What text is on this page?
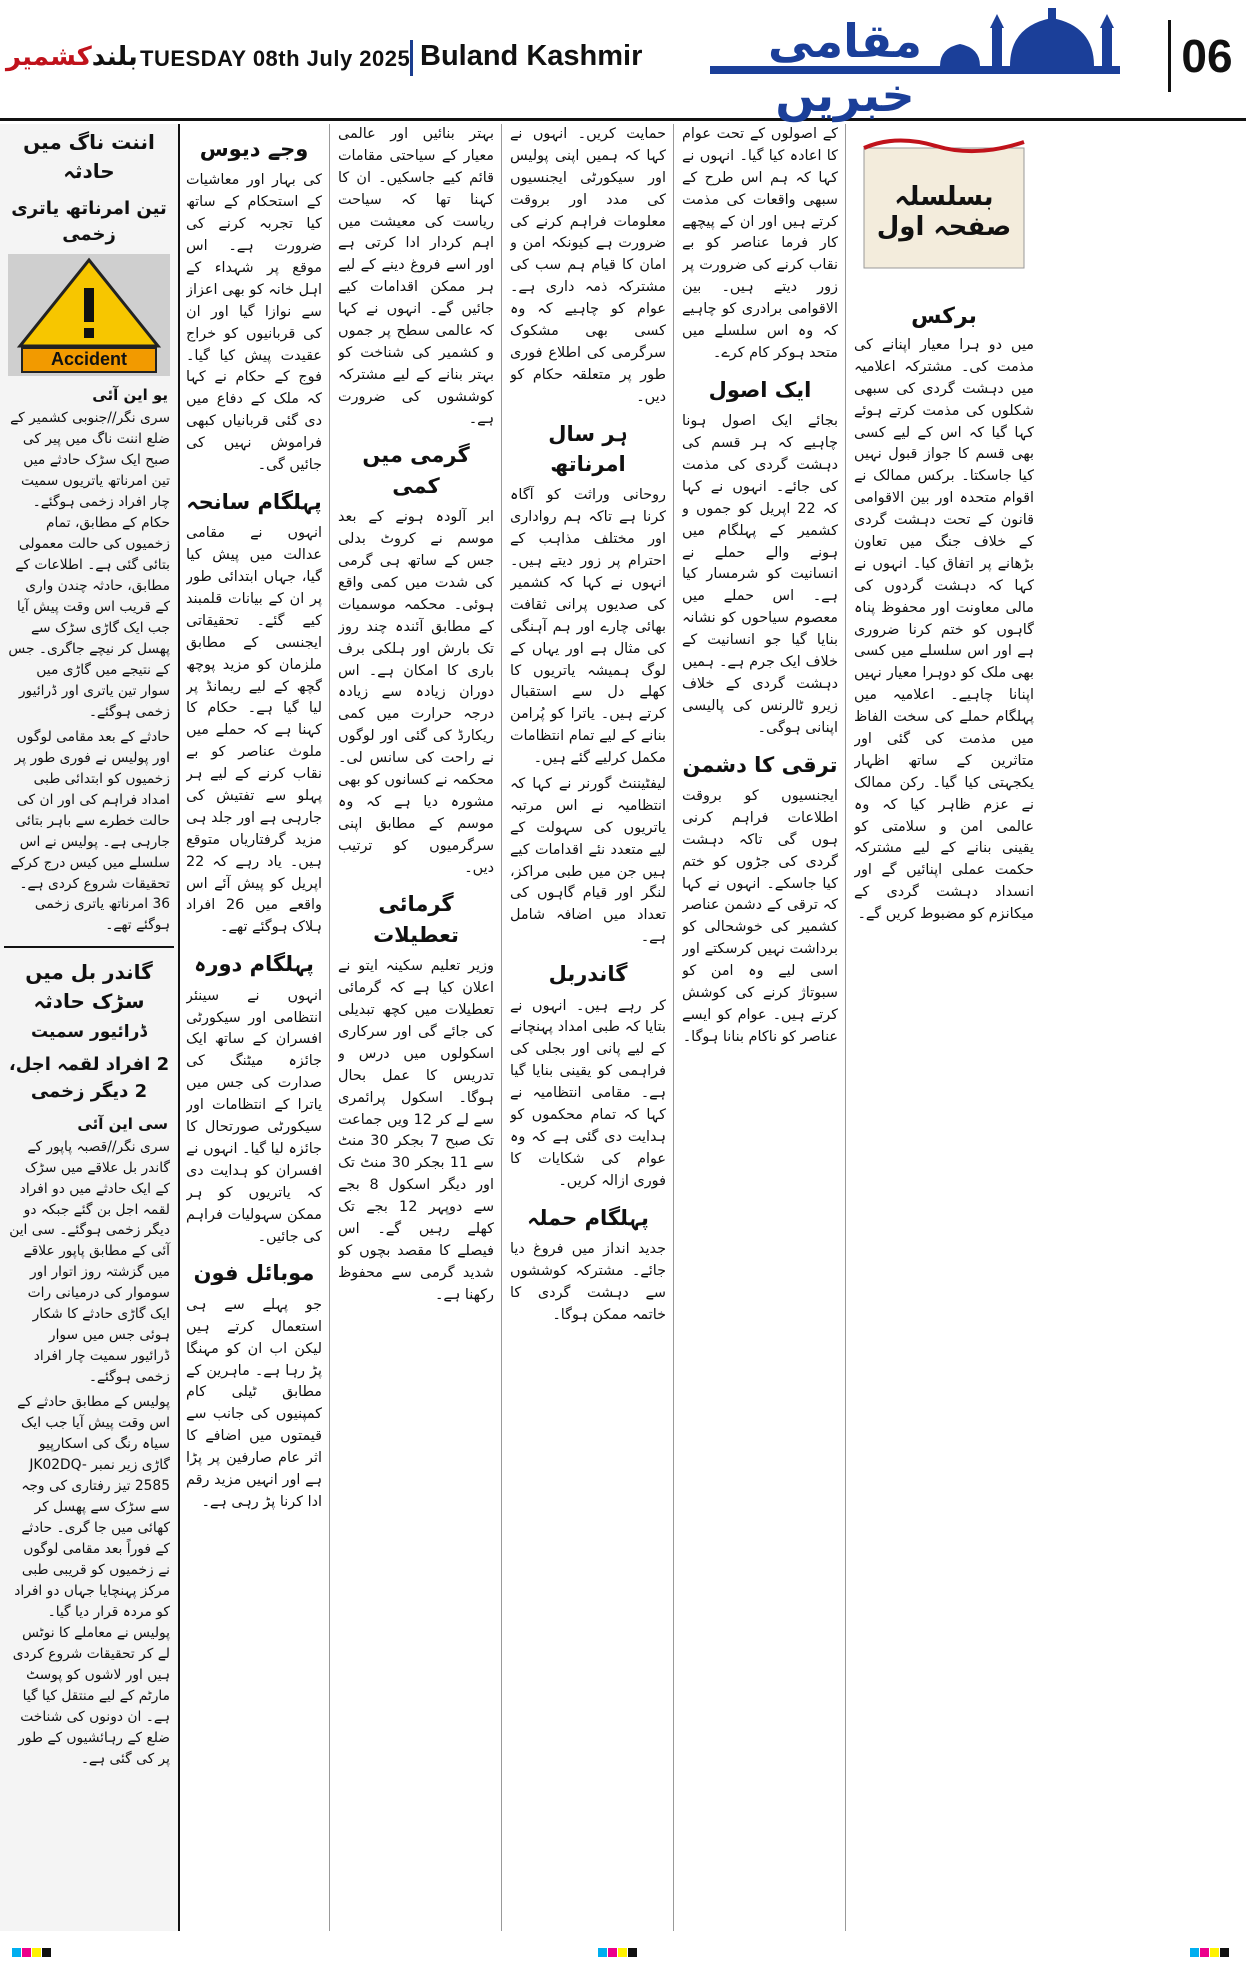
بلندکشمیر	TUESDAY 08th July 2025 Buland Kashmir	مقامی خبریں
06
اننت ناگ میں حادثہ
تین امرناتھ یاتری زخمی
Accident
یو این آئی

سری نگر//جنوبی کشمیر کے ضلع اننت ناگ میں پیر کی صبح ایک سڑک حادثے میں تین امرناتھ یاتریوں سمیت چار افراد زخمی ہوگئے۔ حکام کے مطابق، تمام زخمیوں کی حالت معمولی بتائی گئی ہے۔ اطلاعات کے مطابق، حادثہ چندن واری کے قریب اس وقت پیش آیا جب ایک گاڑی سڑک سے پھسل کر نیچے جاگری۔ جس کے نتیجے میں گاڑی میں سوار تین یاتری اور ڈرائیور زخمی ہوگئے۔

حادثے کے بعد مقامی لوگوں اور پولیس نے فوری طور پر زخمیوں کو ابتدائی طبی امداد فراہم کی اور ان کی حالت خطرے سے باہر بتائی جارہی ہے۔ پولیس نے اس سلسلے میں کیس درج کرکے تحقیقات شروع کردی ہے۔ 36 امرناتھ یاتری زخمی ہوگئے تھے۔

گاندر بل میں سڑک حادثہ
ڈرائیور سمیت
2 افراد لقمہ اجل، 2 دیگر زخمی
سی این آئی

سری نگر//قصبہ پاپور کے گاندر بل علاقے میں سڑک کے ایک حادثے میں دو افراد لقمہ اجل بن گئے جبکہ دو دیگر زخمی ہوگئے۔ سی این آئی کے مطابق پاپور علاقے میں گزشتہ روز اتوار اور سوموار کی درمیانی رات ایک گاڑی حادثے کا شکار ہوئی جس میں سوار ڈرائیور سمیت چار افراد زخمی ہوگئے۔

پولیس کے مطابق حادثے کے اس وقت پیش آیا جب ایک سیاہ رنگ کی اسکارپیو گاڑی زیر نمبر JK02DQ-2585 تیز رفتاری کی وجہ سے سڑک سے پھسل کر کھائی میں جا گری۔ حادثے کے فوراً بعد مقامی لوگوں نے زخمیوں کو قریبی طبی مرکز پہنچایا جہاں دو افراد کو مردہ قرار دیا گیا۔ پولیس نے معاملے کا نوٹس لے کر تحقیقات شروع کردی ہیں اور لاشوں کو پوسٹ مارٹم کے لیے منتقل کیا گیا ہے۔ ان دونوں کی شناخت ضلع کے رہائشیوں کے طور پر کی گئی ہے۔

وجے دیوس

کی بہار اور معاشیات کے استحکام کے ساتھ کیا تجربہ کرنے کی ضرورت ہے۔ اس موقع پر شہداء کے اہل خانہ کو بھی اعزاز سے نوازا گیا اور ان کی قربانیوں کو خراج عقیدت پیش کیا گیا۔ فوج کے حکام نے کہا کہ ملک کے دفاع میں دی گئی قربانیاں کبھی فراموش نہیں کی جائیں گی۔

پہلگام سانحہ

انہوں نے مقامی عدالت میں پیش کیا گیا، جہاں ابتدائی طور پر ان کے بیانات قلمبند کیے گئے۔ تحقیقاتی ایجنسی کے مطابق ملزمان کو مزید پوچھ گچھ کے لیے ریمانڈ پر لیا گیا ہے۔ حکام کا کہنا ہے کہ حملے میں ملوث عناصر کو بے نقاب کرنے کے لیے ہر پہلو سے تفتیش کی جارہی ہے اور جلد ہی مزید گرفتاریاں متوقع ہیں۔ یاد رہے کہ 22 اپریل کو پیش آئے اس واقعے میں 26 افراد ہلاک ہوگئے تھے۔

پہلگام دورہ

انہوں نے سینئر انتظامی اور سیکورٹی افسران کے ساتھ ایک جائزہ میٹنگ کی صدارت کی جس میں یاترا کے انتظامات اور سیکورٹی صورتحال کا جائزہ لیا گیا۔ انہوں نے افسران کو ہدایت دی کہ یاتریوں کو ہر ممکن سہولیات فراہم کی جائیں۔

موبائل فون

جو پہلے سے ہی استعمال کرتے ہیں لیکن اب ان کو مہنگا پڑ رہا ہے۔ ماہرین کے مطابق ٹیلی کام کمپنیوں کی جانب سے قیمتوں میں اضافے کا اثر عام صارفین پر پڑا ہے اور انہیں مزید رقم ادا کرنا پڑ رہی ہے۔

بہتر بنائیں اور عالمی معیار کے سیاحتی مقامات قائم کیے جاسکیں۔ ان کا کہنا تھا کہ سیاحت ریاست کی معیشت میں اہم کردار ادا کرتی ہے اور اسے فروغ دینے کے لیے ہر ممکن اقدامات کیے جائیں گے۔ انہوں نے کہا کہ عالمی سطح پر جموں و کشمیر کی شناخت کو بہتر بنانے کے لیے مشترکہ کوششوں کی ضرورت ہے۔

گرمی میں کمی

ابر آلودہ ہونے کے بعد موسم نے کروٹ بدلی جس کے ساتھ ہی گرمی کی شدت میں کمی واقع ہوئی۔ محکمہ موسمیات کے مطابق آئندہ چند روز تک بارش اور ہلکی برف باری کا امکان ہے۔ اس دوران زیادہ سے زیادہ درجہ حرارت میں کمی ریکارڈ کی گئی اور لوگوں نے راحت کی سانس لی۔ محکمہ نے کسانوں کو بھی مشورہ دیا ہے کہ وہ موسم کے مطابق اپنی سرگرمیوں کو ترتیب دیں۔

گرمائی تعطیلات

وزیر تعلیم سکینہ ایتو نے اعلان کیا ہے کہ گرمائی تعطیلات میں کچھ تبدیلی کی جائے گی اور سرکاری اسکولوں میں درس و تدریس کا عمل بحال ہوگا۔ اسکول پرائمری سے لے کر 12 ویں جماعت تک صبح 7 بجکر 30 منٹ سے 11 بجکر 30 منٹ تک اور دیگر اسکول 8 بجے سے دوپہر 12 بجے تک کھلے رہیں گے۔ اس فیصلے کا مقصد بچوں کو شدید گرمی سے محفوظ رکھنا ہے۔

حمایت کریں۔ انہوں نے کہا کہ ہمیں اپنی پولیس اور سیکورٹی ایجنسیوں کی مدد اور بروقت معلومات فراہم کرنے کی ضرورت ہے کیونکہ امن و امان کا قیام ہم سب کی مشترکہ ذمہ داری ہے۔ عوام کو چاہیے کہ وہ کسی بھی مشکوک سرگرمی کی اطلاع فوری طور پر متعلقہ حکام کو دیں۔

ہر سال امرناتھ

روحانی وراثت کو آگاہ کرنا ہے تاکہ ہم رواداری اور مختلف مذاہب کے احترام پر زور دیتے ہیں۔ انہوں نے کہا کہ کشمیر کی صدیوں پرانی ثقافت بھائی چارے اور ہم آہنگی کی مثال ہے اور یہاں کے لوگ ہمیشہ یاتریوں کا کھلے دل سے استقبال کرتے ہیں۔ یاترا کو پُرامن بنانے کے لیے تمام انتظامات مکمل کرلیے گئے ہیں۔

لیفٹیننٹ گورنر نے کہا کہ انتظامیہ نے اس مرتبہ یاتریوں کی سہولت کے لیے متعدد نئے اقدامات کیے ہیں جن میں طبی مراکز، لنگر اور قیام گاہوں کی تعداد میں اضافہ شامل ہے۔

گاندربل

کر رہے ہیں۔ انہوں نے بتایا کہ طبی امداد پہنچانے کے لیے پانی اور بجلی کی فراہمی کو یقینی بنایا گیا ہے۔ مقامی انتظامیہ نے کہا کہ تمام محکموں کو ہدایت دی گئی ہے کہ وہ عوام کی شکایات کا فوری ازالہ کریں۔

پہلگام حملہ

جدید انداز میں فروغ دیا جائے۔ مشترکہ کوششوں سے دہشت گردی کا خاتمہ ممکن ہوگا۔

کے اصولوں کے تحت عوام کا اعادہ کیا گیا۔ انہوں نے کہا کہ ہم اس طرح کے سبھی واقعات کی مذمت کرتے ہیں اور ان کے پیچھے کار فرما عناصر کو بے نقاب کرنے کی ضرورت پر زور دیتے ہیں۔ بین الاقوامی برادری کو چاہیے کہ وہ اس سلسلے میں متحد ہوکر کام کرے۔

ایک اصول

بجائے ایک اصول ہونا چاہیے کہ ہر قسم کی دہشت گردی کی مذمت کی جائے۔ انہوں نے کہا کہ 22 اپریل کو جموں و کشمیر کے پہلگام میں ہونے والے حملے نے انسانیت کو شرمسار کیا ہے۔ اس حملے میں معصوم سیاحوں کو نشانہ بنایا گیا جو انسانیت کے خلاف ایک جرم ہے۔ ہمیں دہشت گردی کے خلاف زیرو ٹالرنس کی پالیسی اپنانی ہوگی۔

ترقی کا دشمن

ایجنسیوں کو بروقت اطلاعات فراہم کرنی ہوں گی تاکہ دہشت گردی کی جڑوں کو ختم کیا جاسکے۔ انہوں نے کہا کہ ترقی کے دشمن عناصر کشمیر کی خوشحالی کو برداشت نہیں کرسکتے اور اسی لیے وہ امن کو سبوتاژ کرنے کی کوشش کرتے ہیں۔ عوام کو ایسے عناصر کو ناکام بنانا ہوگا۔

برکس

میں دو ہرا معیار اپنانے کی مذمت کی۔ مشترکہ اعلامیہ میں دہشت گردی کی سبھی شکلوں کی مذمت کرتے ہوئے کہا گیا کہ اس کے لیے کسی بھی قسم کا جواز قبول نہیں کیا جاسکتا۔ برکس ممالک نے اقوام متحدہ اور بین الاقوامی قانون کے تحت دہشت گردی کے خلاف جنگ میں تعاون بڑھانے پر اتفاق کیا۔ انہوں نے کہا کہ دہشت گردوں کی مالی معاونت اور محفوظ پناہ گاہوں کو ختم کرنا ضروری ہے اور اس سلسلے میں کسی بھی ملک کو دوہرا معیار نہیں اپنانا چاہیے۔ اعلامیہ میں پہلگام حملے کی سخت الفاظ میں مذمت کی گئی اور متاثرین کے ساتھ اظہار یکجہتی کیا گیا۔ رکن ممالک نے عزم ظاہر کیا کہ وہ عالمی امن و سلامتی کو یقینی بنانے کے لیے مشترکہ حکمت عملی اپنائیں گے اور انسداد دہشت گردی کے میکانزم کو مضبوط کریں گے۔

بسلسلہ صفحہ اول
